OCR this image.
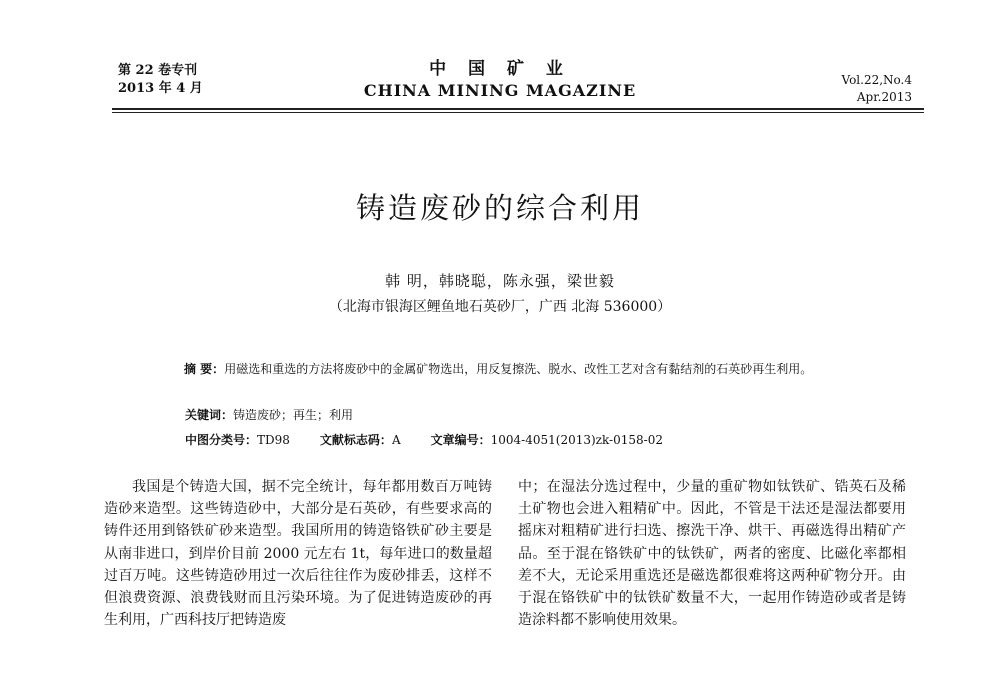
第 22 卷专刊
2013 年 4 月
中 国 矿 业
CHINA MINING MAGAZINE
Vol.22,No.4
Apr.2013
铸造废砂的综合利用
韩 明，韩晓聪，陈永强，梁世毅
（北海市银海区鲤鱼地石英砂厂，广西 北海 536000）
摘 要：用磁选和重选的方法将废砂中的金属矿物选出，用反复擦洗、脱水、改性工艺对含有黏结剂的石英砂再生利用。
关键词：铸造废砂；再生；利用
中图分类号：TD98	文献标志码：A	文章编号：1004-4051(2013)zk-0158-02
我国是个铸造大国，据不完全统计，每年都用数百万吨铸造砂来造型。这些铸造砂中，大部分是石英砂，有些要求高的铸件还用到铬铁矿砂来造型。我国所用的铸造铬铁矿砂主要是从南非进口，到岸价目前 2000 元左右 1t，每年进口的数量超过百万吨。这些铸造砂用过一次后往往作为废砂排丢，这样不但浪费资源、浪费钱财而且污染环境。为了促进铸造废砂的再生利用，广西科技厅把铸造废
中；在湿法分选过程中，少量的重矿物如钛铁矿、锆英石及稀土矿物也会进入粗精矿中。因此，不管是干法还是湿法都要用摇床对粗精矿进行扫选、擦洗干净、烘干、再磁选得出精矿产品。至于混在铬铁矿中的钛铁矿，两者的密度、比磁化率都相差不大，无论采用重选还是磁选都很难将这两种矿物分开。由于混在铬铁矿中的钛铁矿数量不大，一起用作铸造砂或者是铸造涂料都不影响使用效果。
